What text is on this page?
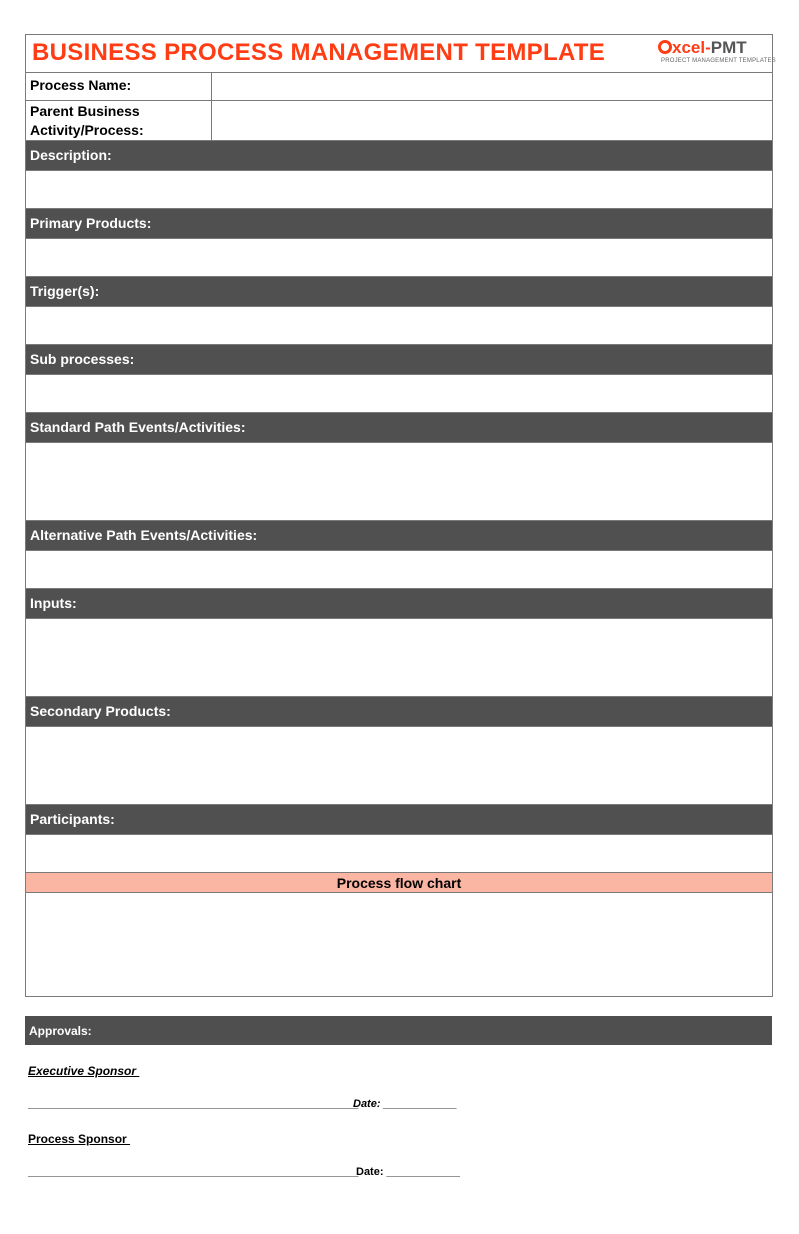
BUSINESS PROCESS MANAGEMENT TEMPLATE	xcel-PMT
PROJECT MANAGEMENT TEMPLATES
Process Name:
Parent Business
Activity/Process:
Description:
Primary Products:
Trigger(s):
Sub processes:
Standard Path Events/Activities:
Alternative Path Events/Activities:
Inputs:
Secondary Products:
Participants:
Process flow chart
Approvals:
Executive Sponsor
______________________________________________________
Date: ____________
Process Sponsor
______________________________________________________
Date: ____________
